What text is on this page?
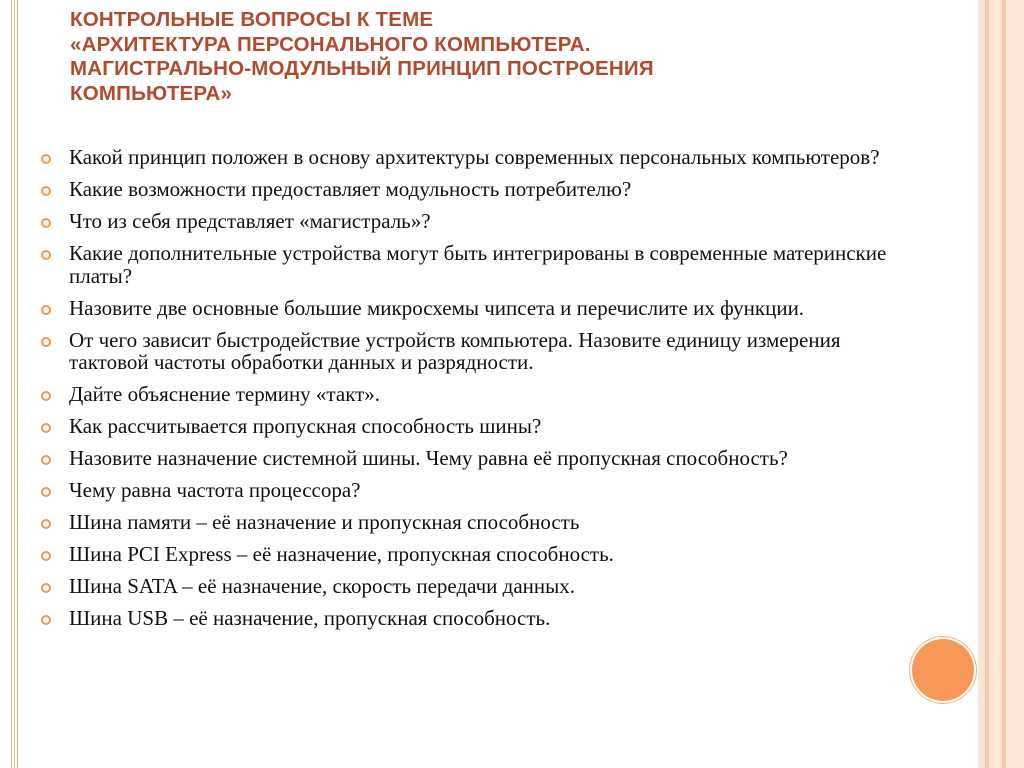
КОНТРОЛЬНЫЕ ВОПРОСЫ К ТЕМЕ
«АРХИТЕКТУРА ПЕРСОНАЛЬНОГО КОМПЬЮТЕРА.
МАГИСТРАЛЬНО-МОДУЛЬНЫЙ ПРИНЦИП ПОСТРОЕНИЯ
КОМПЬЮТЕРА»
Какой принцип положен в основу архитектуры современных персональных компьютеров?
Какие возможности предоставляет модульность потребителю?
Что из себя представляет «магистраль»?
Какие дополнительные устройства могут быть интегрированы в современные материнские платы?
Назовите две основные большие микросхемы чипсета и перечислите их функции.
От чего зависит быстродействие устройств компьютера. Назовите единицу измерения тактовой частоты обработки данных и разрядности.
Дайте объяснение термину «такт».
Как рассчитывается пропускная способность шины?
Назовите назначение системной шины. Чему равна её пропускная способность?
Чему равна частота процессора?
Шина памяти – её назначение и пропускная способность
Шина PCI Express – её назначение, пропускная способность.
Шина SATA – её назначение, скорость передачи данных.
Шина USB – её назначение, пропускная способность.
